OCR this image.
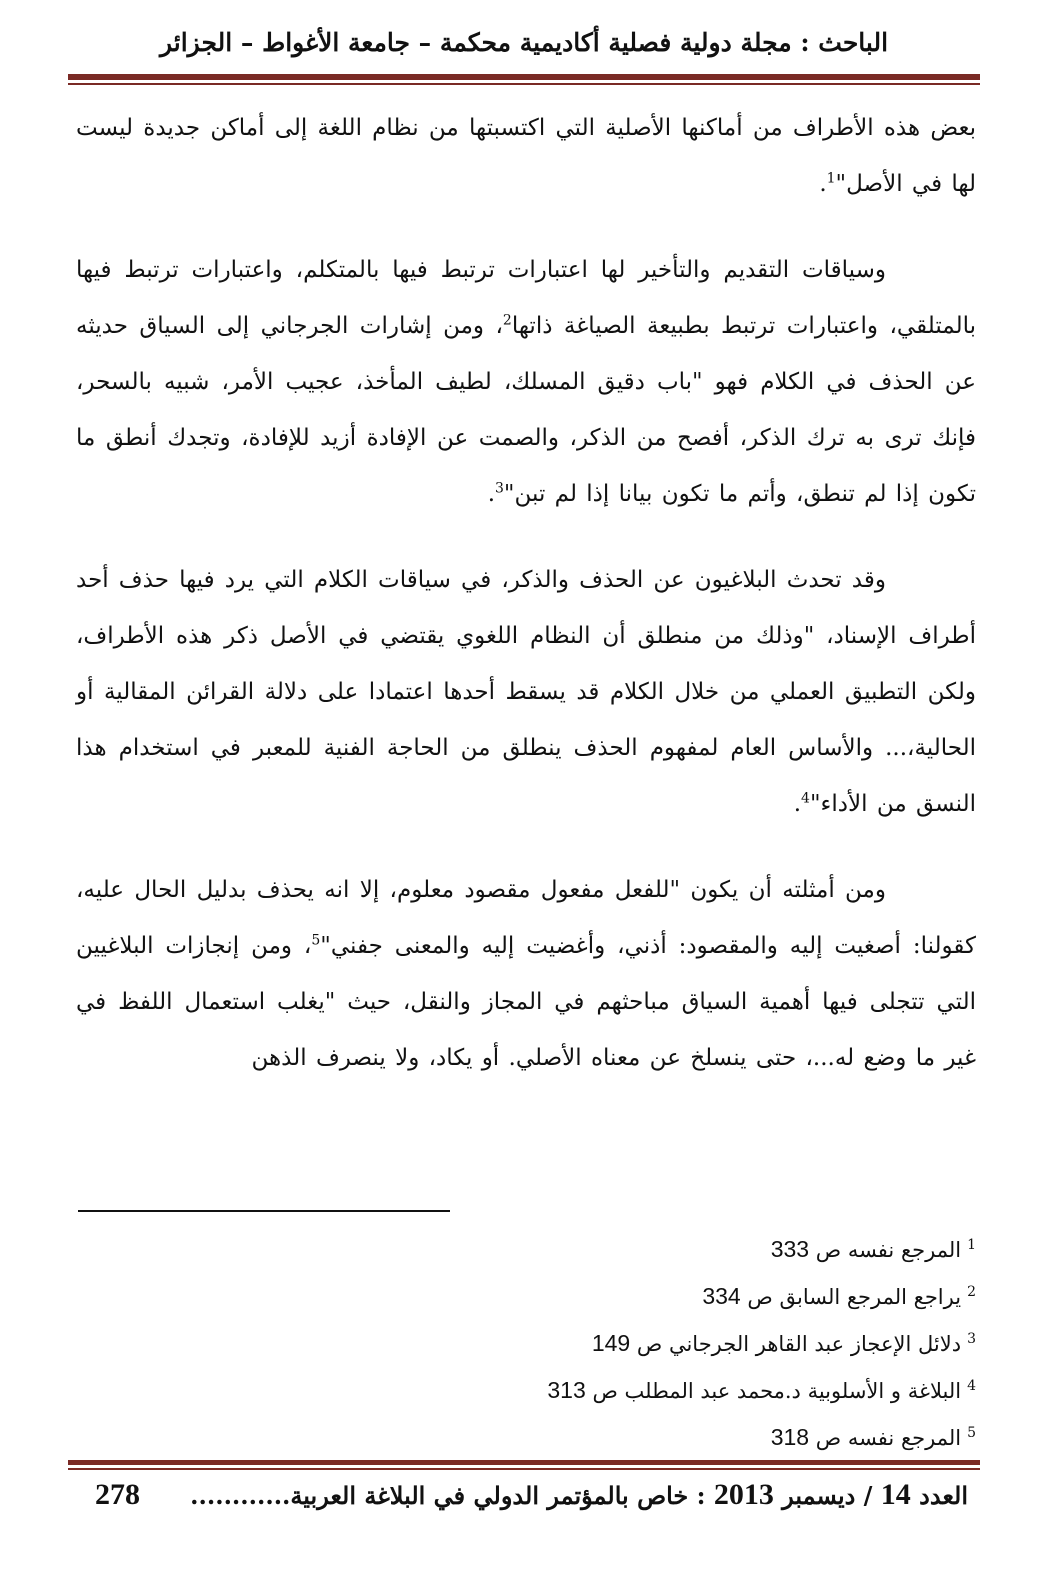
الباحث : مجلة دولية فصلية أكاديمية محكمة – جامعة الأغواط – الجزائر

بعض هذه الأطراف من أماكنها الأصلية التي اكتسبتها من نظام اللغة إلى أماكن جديدة ليست لها في الأصل"$^1$.

وسياقات التقديم والتأخير لها اعتبارات ترتبط فيها بالمتكلم، واعتبارات ترتبط فيها بالمتلقي، واعتبارات ترتبط بطبيعة الصياغة ذاتها$^2$، ومن إشارات الجرجاني إلى السياق حديثه عن الحذف في الكلام فهو "باب دقيق المسلك، لطيف المأخذ، عجيب الأمر، شبيه بالسحر، فإنك ترى به ترك الذكر، أفصح من الذكر، والصمت عن الإفادة أزيد للإفادة، وتجدك أنطق ما تكون إذا لم تنطق، وأتم ما تكون بيانا إذا لم تبن"$^3$.

وقد تحدث البلاغيون عن الحذف والذكر، في سياقات الكلام التي يرد فيها حذف أحد أطراف الإسناد، "وذلك من منطلق أن النظام اللغوي يقتضي في الأصل ذكر هذه الأطراف، ولكن التطبيق العملي من خلال الكلام قد يسقط أحدها اعتمادا على دلالة القرائن المقالية أو الحالية،... والأساس العام لمفهوم الحذف ينطلق من الحاجة الفنية للمعبر في استخدام هذا النسق من الأداء"$^4$.

ومن أمثلته أن يكون "للفعل مفعول مقصود معلوم، إلا انه يحذف بدليل الحال عليه، كقولنا: أصغيت إليه والمقصود: أذني، وأغضيت إليه والمعنى جفني"$^5$، ومن إنجازات البلاغيين التي تتجلى فيها أهمية السياق مباحثهم في المجاز والنقل، حيث "يغلب استعمال اللفظ في غير ما وضع له...، حتى ينسلخ عن معناه الأصلي. أو يكاد، ولا ينصرف الذهن

$^1$المرجع نفسه ص 333
$^2$يراجع المرجع السابق ص 334
$^3$دلائل الإعجاز عبد القاهر الجرجاني ص 149
$^4$البلاغة و الأسلوبية د.محمد عبد المطلب ص 313
$^5$المرجع نفسه ص 318
العدد 14 / ديسمبر 2013 : خاص بالمؤتمر الدولي في البلاغة العربية............
278
